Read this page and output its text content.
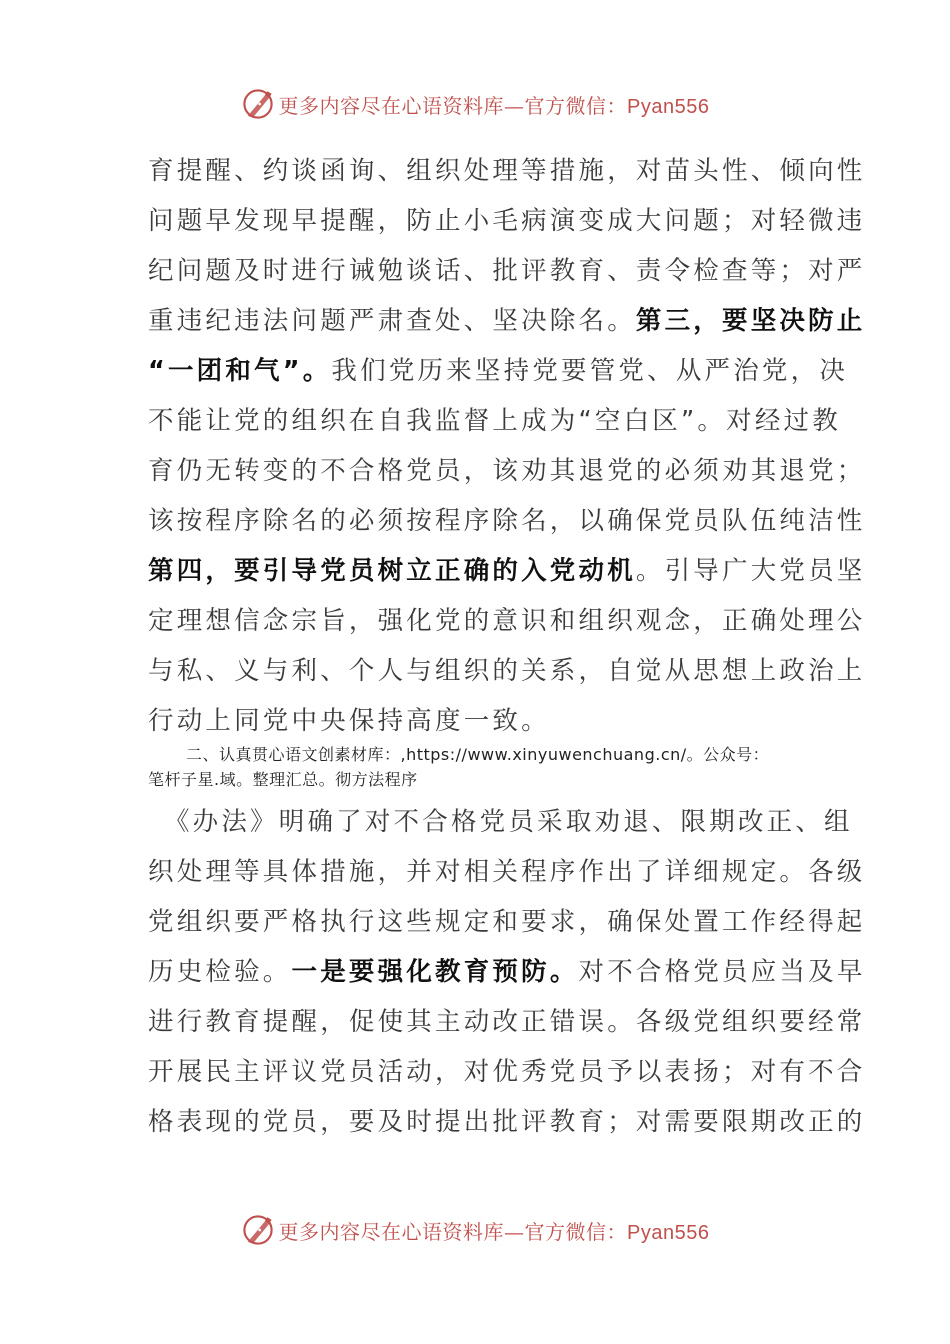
更多内容尽在心语资料库—官方微信：Pyan556
育提醒、约谈函询、组织处理等措施，对苗头性、倾向性
问题早发现早提醒，防止小毛病演变成大问题；对轻微违
纪问题及时进行诫勉谈话、批评教育、责令检查等；对严
重违纪违法问题严肃查处、坚决除名。第三，要坚决防止
“一团和气”。我们党历来坚持党要管党、从严治党，决
不能让党的组织在自我监督上成为“空白区”。对经过教
育仍无转变的不合格党员，该劝其退党的必须劝其退党；
该按程序除名的必须按程序除名，以确保党员队伍纯洁性
第四，要引导党员树立正确的入党动机。引导广大党员坚
定理想信念宗旨，强化党的意识和组织观念，正确处理公
与私、义与利、个人与组织的关系，自觉从思想上政治上
行动上同党中央保持高度一致。
二、认真贯心语文创素材库：,https://www.xinyuwenchuang.cn/。公众号：
笔杆子星.域。整理汇总。彻方法程序
　《办法》明确了对不合格党员采取劝退、限期改正、组
织处理等具体措施，并对相关程序作出了详细规定。各级
党组织要严格执行这些规定和要求，确保处置工作经得起
历史检验。一是要强化教育预防。对不合格党员应当及早
进行教育提醒，促使其主动改正错误。各级党组织要经常
开展民主评议党员活动，对优秀党员予以表扬；对有不合
格表现的党员，要及时提出批评教育；对需要限期改正的
更多内容尽在心语资料库—官方微信：Pyan556
